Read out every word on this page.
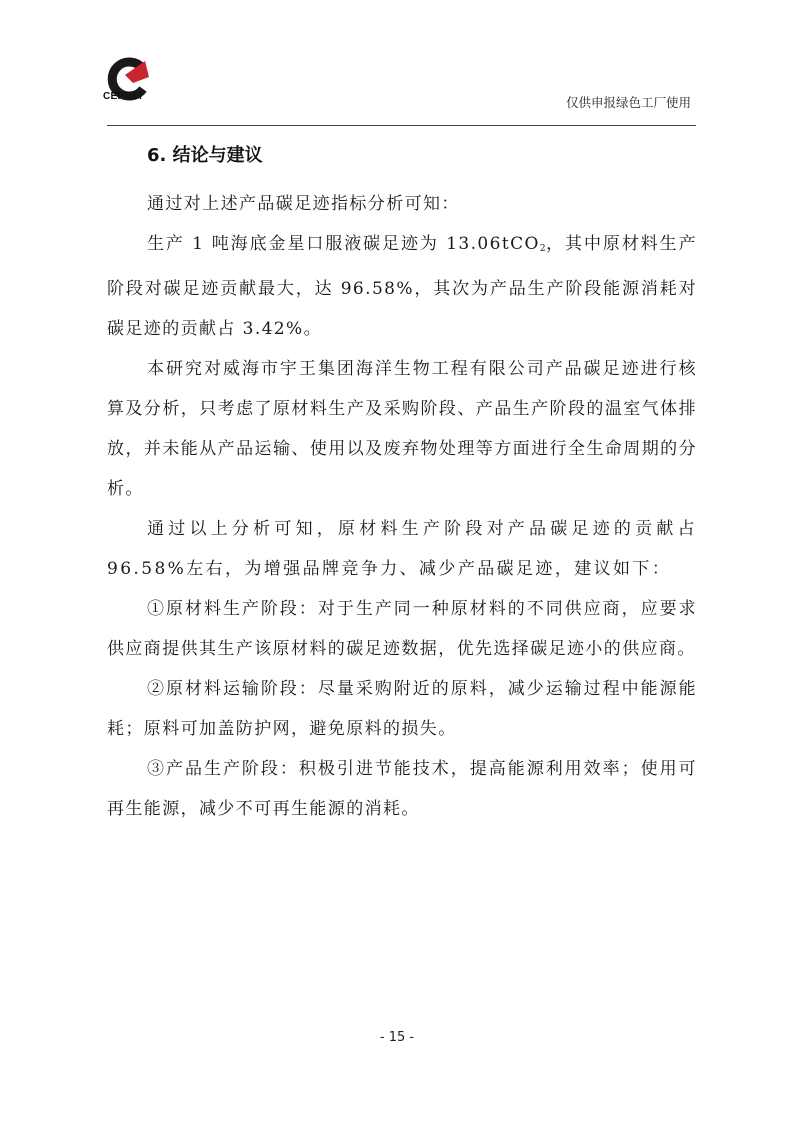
CEPREI	仅供申报绿色工厂使用
6. 结论与建议

通过对上述产品碳足迹指标分析可知：

生产 1 吨海底金星口服液碳足迹为 13.06tCO$_2$，其中原材料生产阶段对碳足迹贡献最大，达 96.58%，其次为产品生产阶段能源消耗对碳足迹的贡献占 3.42%。

本研究对威海市宇王集团海洋生物工程有限公司产品碳足迹进行核算及分析，只考虑了原材料生产及采购阶段、产品生产阶段的温室气体排放，并未能从产品运输、使用以及废弃物处理等方面进行全生命周期的分析。

通过以上分析可知，原材料生产阶段对产品碳足迹的贡献占96.58%左右，为增强品牌竞争力、减少产品碳足迹，建议如下：

①原材料生产阶段：对于生产同一种原材料的不同供应商，应要求供应商提供其生产该原材料的碳足迹数据，优先选择碳足迹小的供应商。

②原材料运输阶段：尽量采购附近的原料，减少运输过程中能源能耗；原料可加盖防护网，避免原料的损失。

③产品生产阶段：积极引进节能技术，提高能源利用效率；使用可再生能源，减少不可再生能源的消耗。

- 15 -
